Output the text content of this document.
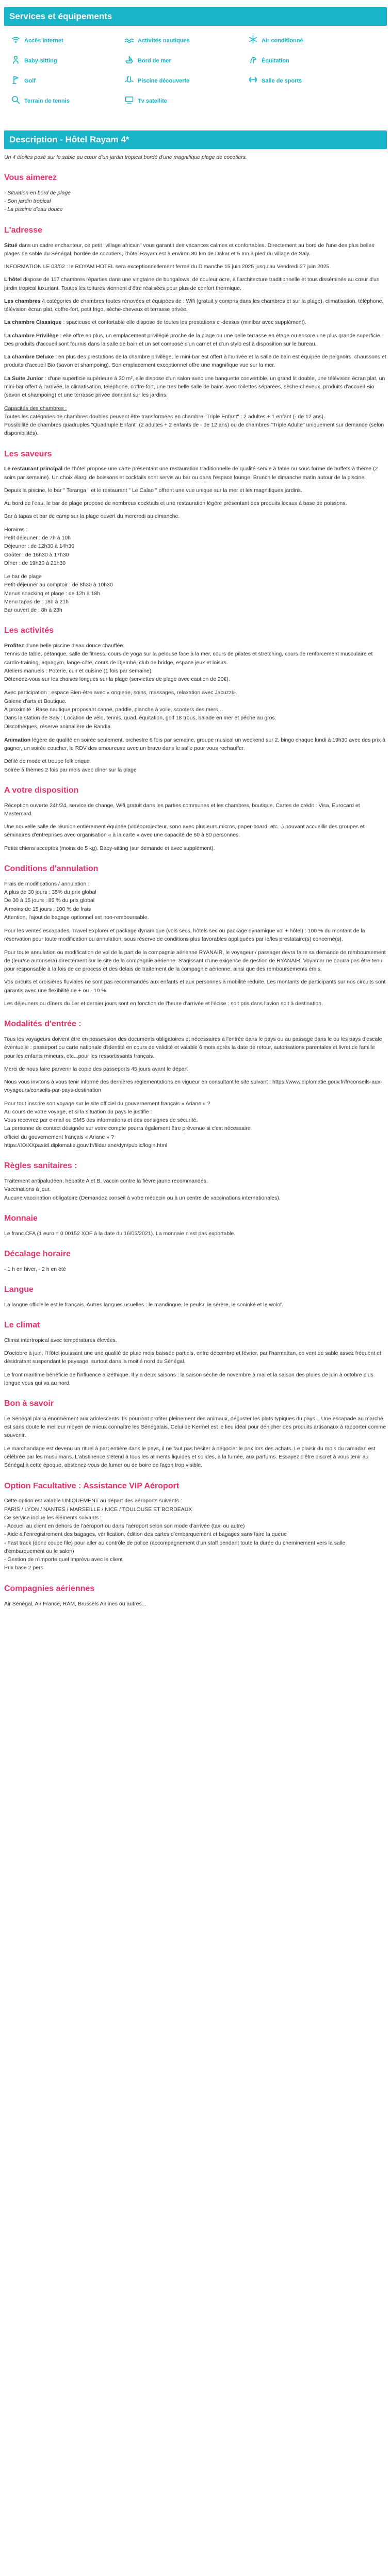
Services et équipements
Accès internet	Activités nautiques	Air conditionné
Baby-sitting	Bord de mer	Équitation
Golf	Piscine découverte	Salle de sports
Terrain de tennis	Tv satellite
Description - Hôtel Rayam 4*

Un 4 étoiles posé sur le sable au cœur d'un jardin tropical bordé d'une magnifique plage de cocotiers.

Vous aimerez

- Situation en bord de plage

- Son jardin tropical

- La piscine d'eau douce

L'adresse

Situé dans un cadre enchanteur, ce petit "village africain" vous garantit des vacances calmes et confortables. Directement au bord de l'une des plus belles plages de sable du Sénégal, bordée de cocotiers, l'hôtel Rayam est à environ 80 km de Dakar et 5 mn à pied du village de Saly.

INFORMATION LE 03/02 : le ROYAM HOTEL sera exceptionnellement fermé du Dimanche 15 juin 2025 jusqu'au Vendredi 27 juin 2025.

L'hôtel dispose de 117 chambres réparties dans une vingtaine de bungalows, de couleur ocre, à l'architecture traditionnelle et tous disséminés au cœur d'un jardin tropical luxuriant. Toutes les toitures viennent d'être réalisées pour plus de confort thermique.

Les chambres 4 catégories de chambres toutes rénovées et équipées de : Wifi (gratuit y compris dans les chambres et sur la plage), climatisation, téléphone, télévision écran plat, coffre-fort, petit frigo, sèche-cheveux et terrasse privée.

La chambre Classique : spacieuse et confortable elle dispose de toutes les prestations ci-dessus (minibar avec supplément).

La chambre Privilège : elle offre en plus, un emplacement privilégié proche de la plage ou une belle terrasse en étage ou encore une plus grande superficie. Des produits d'accueil sont fournis dans la salle de bain et un set composé d'un carnet et d'un stylo est à disposition sur le bureau.

La chambre Deluxe : en plus des prestations de la chambre privilège, le mini-bar est offert à l'arrivée et la salle de bain est équipée de peignoirs, chaussons et produits d'accueil Bio (savon et shampoing). Son emplacement exceptionnel offre une magnifique vue sur la mer.

La Suite Junior : d'une superficie supérieure à 30 m², elle dispose d'un salon avec une banquette convertible, un grand lit double, une télévision écran plat, un mini-bar offert à l'arrivée, la climatisation, téléphone, coffre-fort, une très belle salle de bains avec toilettes séparées, sèche-cheveux, produits d'accueil Bio (savon et shampoing) et une terrasse privée donnant sur les jardins.

Capacités des chambres :

Toutes les catégories de chambres doubles peuvent être transformées en chambre "Triple Enfant" : 2 adultes + 1 enfant (- de 12 ans).

Possibilité de chambres quadruples "Quadruple Enfant" (2 adultes + 2 enfants de - de 12 ans) ou de chambres "Triple Adulte" uniquement sur demande (selon disponibilités).

Les saveurs

Le restaurant principal de l'hôtel propose une carte présentant une restauration traditionnelle de qualité servie à table ou sous forme de buffets à thème (2 soirs par semaine). Un choix élargi de boissons et cocktails sont servis au bar ou dans l'espace lounge. Brunch le dimanche matin autour de la piscine.

Depuis la piscine, le bar " Teranga " et le restaurant " Le Calao " offrent une vue unique sur la mer et les magnifiques jardins.

Au bord de l'eau, le bar de plage propose de nombreux cocktails et une restauration légère présentant des produits locaux à base de poissons.

Bar à tapas et bar de camp sur la plage ouvert du mercredi au dimanche.

Horaires :

Petit déjeuner : de 7h à 10h

Déjeuner : de 12h30 à 14h30

Goûter : de 16h30 à 17h30

Dîner : de 19h30 à 21h30

Le bar de plage

Petit-déjeuner au comptoir : de 8h30 à 10h30

Menus snacking et plage : de 12h à 18h

Menu tapas de : 18h à 21h

Bar ouvert de : 8h à 23h

Les activités

Profitez d'une belle piscine d'eau douce chauffée.

Tennis de table, pétanque, salle de fitness, cours de yoga sur la pelouse face à la mer, cours de pilates et stretching, cours de renforcement musculaire et cardio-training, aquagym, lange-côte, cours de Djembé, club de bridge, espace jeux et loisirs.

Ateliers manuels : Poterie, cuir et cuisine (1 fois par semaine)

Détendez-vous sur les chaises longues sur la plage (serviettes de plage avec caution de 20€).

Avec participation : espace Bien-être avec « onglerie, soins, massages, relaxation avec Jacuzzi».

Galerie d'arts et Boutique.

À proximité : Base nautique proposant canoë, paddle, planche à voile, scooters des mers…

Dans la station de Saly : Location de vélo, tennis, quad, équitation, golf 18 trous, balade en mer et pêche au gros.

Discothèques, réserve animalière de Bandia.

Animation légère de qualité en soirée seulement, orchestre 6 fois par semaine, groupe musical un weekend sur 2, bingo chaque lundi à 19h30 avec des prix à gagner, un soirée coucher, le RDV des amoureuse avec un bravo dans le salle pour vous rechauffer.

Défilé de mode et troupe folklorique

Soirée à thèmes 2 fois par mois avec dîner sur la plage

A votre disposition

Réception ouverte 24h/24, service de change, Wifi gratuit dans les parties communes et les chambres, boutique. Cartes de crédit : Visa, Eurocard et Mastercard.

Une nouvelle salle de réunion entièrement équipée (vidéoprojecteur, sono avec plusieurs micros, paper-board, etc...) pouvant accueillir des groupes et séminaires d'entreprises avec organisation « à la carte » avec une capacité de 60 à 80 personnes.

Petits chiens acceptés (moins de 5 kg). Baby-sitting (sur demande et avec supplément).

Conditions d'annulation

Frais de modifications / annulation :

A plus de 30 jours : 35% du prix global

De 30 à 15 jours : 85 % du prix global

A moins de 15 jours : 100 % de frais

Attention, l'ajout de bagage optionnel est non-remboursable.

Pour les ventes escapades, Travel Explorer et package dynamique (vols secs, hôtels sec ou package dynamique vol + hôtel) : 100 % du montant de la réservation pour toute modification ou annulation, sous réserve de conditions plus favorables appliquées par le/les prestataire(s) concerné(s).

Pour toute annulation ou modification de vol de la part de la compagnie aérienne RYANAIR, le voyageur / passager devra faire sa demande de remboursement de (leur/se autorisera) directement sur le site de la compagnie aérienne. S'agissant d'une exigence de gestion de RYANAIR, Voyamar ne pourra pas être tenu pour responsable à la fois de ce process et des délais de traitement de la compagnie aérienne, ainsi que des remboursements émis.

Vos circuits et croisières fluviales ne sont pas recommandés aux enfants et aux personnes à mobilité réduite. Les montants de participants sur nos circuits sont garantis avec une flexibilité de + ou - 10 %.

Les déjeuners ou dîners du 1er et dernier jours sont en fonction de l'heure d'arrivée et l'écise : soit pris dans l'avion soit à destination.

Modalités d'entrée :

Tous les voyageurs doivent être en possession des documents obligatoires et nécessaires à l'entrée dans le pays ou au passage dans le ou les pays d'escale éventuelle : passeport ou carte nationale d'identité en cours de validité et valable 6 mois après la date de retour, autorisations parentales et livret de famille pour les enfants mineurs, etc...pour les ressortissants français.

Merci de nous faire parvenir la copie des passeports 45 jours avant le départ

Nous vous invitons à vous tenir informé des dernières réglementations en vigueur en consultant le site suivant : https://www.diplomatie.gouv.fr/fr/conseils-aux-voyageurs/conseils-par-pays-destination

Pour tout inscrire son voyage sur le site officiel du gouvernement français « Ariane » ?

Au cours de votre voyage, et si la situation du pays le justifie :

Vous recevrez par e-mail ou SMS des informations et des consignes de sécurité.

La personne de contact désignée sur votre compte pourra également être prévenue si c'est nécessaire

officiel du gouvernement français « Ariane » ?

https://XXXXpastel.diplomatie.gouv.fr/fildariane/dyn/public/login.html

Règles sanitaires :

Traitement antipaludéen, hépatite A et B, vaccin contre la fièvre jaune recommandés.

Vaccinations à jour.

Aucune vaccination obligatoire (Demandez conseil à votre médecin ou à un centre de vaccinations internationales).

Monnaie

Le franc CFA (1 euro = 0.00152 XOF à la date du 16/05/2021). La monnaie n'est pas exportable.

Décalage horaire

- 1 h en hiver, - 2 h en été

Langue

La langue officielle est le français. Autres langues usuelles : le mandingue, le peulsr, le sérère, le soninké et le wolof.

Le climat

Climat intertropical avec températures élevées.

D'octobre à juin, l'Hôtel jouissant une une qualité de pluie mois baissée partiels, entre décembre et février, par l'harmattan, ce vent de sable assez fréquent et désidratant suspendant le paysage, surtout dans la moitié nord du Sénégal.

Le front maritime bénéficie de l'influence alizéthique. Il y a deux saisons : la saison sèche de novembre à mai et la saison des pluies de juin à octobre plus longue vous qui va au nord.

Bon à savoir

Le Sénégal plaira énormément aux adolescents. Ils pourront profiter pleinement des animaux, déguster les plats typiques du pays... Une escapade au marché est sans doute le meilleur moyen de mieux connaître les Sénégalais. Celui de Kermel est le lieu idéal pour dénicher des produits artisanaux à rapporter comme souvenir.

Le marchandage est devenu un rituel à part entière dans le pays, il ne faut pas hésiter à négocier le prix lors des achats. Le plaisir du mois du ramadan est célébrée par les musulmans. L'abstinence s'étend à tous les aliments liquides et solides, à la fumée, aux parfums. Essayez d'être discret à vous tenir au Sénégal à cette époque, abstenez-vous de fumer ou de boire de façon trop visible.

Option Facultative : Assistance VIP Aéroport

Cette option est valable UNIQUEMENT au départ des aéroports suivants :

PARIS / LYON / NANTES / MARSEILLE / NICE / TOULOUSE ET BORDEAUX

Ce service inclue les éléments suivants :

- Accueil au client en dehors de l'aéroport ou dans l'aéroport selon son mode d'arrivée (taxi ou autre)

- Aide à l'enregistrement des bagages, vérification, édition des cartes d'embarquement et bagages sans faire la queue

- Fast track (donc coupe file) pour aller au contrôle de police (accompagnement d'un staff pendant toute la durée du cheminement vers la salle d'embarquement ou le salon)

- Gestion de n'importe quel imprévu avec le client

Prix base 2 pers

Compagnies aériennes

Air Sénégal, Air France, RAM, Brussels Airlines ou autres...
